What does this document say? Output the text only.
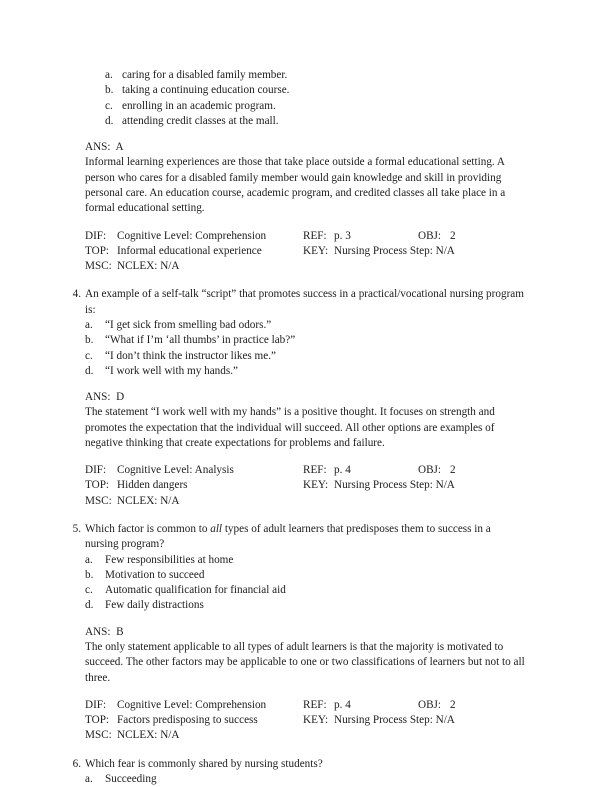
a. caring for a disabled family member.
b. taking a continuing education course.
c. enrolling in an academic program.
d. attending credit classes at the mall.
ANS: A

Informal learning experiences are those that take place outside a formal educational setting. A person who cares for a disabled family member would gain knowledge and skill in providing personal care. An education course, academic program, and credited classes all take place in a formal educational setting.

DIF: Cognitive Level: Comprehension	REF: p. 3	OBJ: 2
TOP: Informal educational experience	KEY: Nursing Process Step: N/A
MSC: NCLEX: N/A
4. An example of a self-talk “script” that promotes success in a practical/vocational nursing program is:
a.	“I get sick from smelling bad odors.”
b.	“What if I’m ‘all thumbs’ in practice lab?”
c.	“I don’t think the instructor likes me.”
d.	“I work well with my hands.”
ANS: D

The statement “I work well with my hands” is a positive thought. It focuses on strength and promotes the expectation that the individual will succeed. All other options are examples of negative thinking that create expectations for problems and failure.

DIF: Cognitive Level: Analysis	REF: p. 4	OBJ: 2
TOP: Hidden dangers	KEY: Nursing Process Step: N/A
MSC: NCLEX: N/A
5. Which factor is common to all types of adult learners that predisposes them to success in a nursing program?
a.	Few responsibilities at home
b.	Motivation to succeed
c.	Automatic qualification for financial aid
d.	Few daily distractions
ANS: B

The only statement applicable to all types of adult learners is that the majority is motivated to succeed. The other factors may be applicable to one or two classifications of learners but not to all three.

DIF: Cognitive Level: Comprehension	REF: p. 4	OBJ: 2
TOP: Factors predisposing to success	KEY: Nursing Process Step: N/A
MSC: NCLEX: N/A
6. Which fear is commonly shared by nursing students?
a.	Succeeding
